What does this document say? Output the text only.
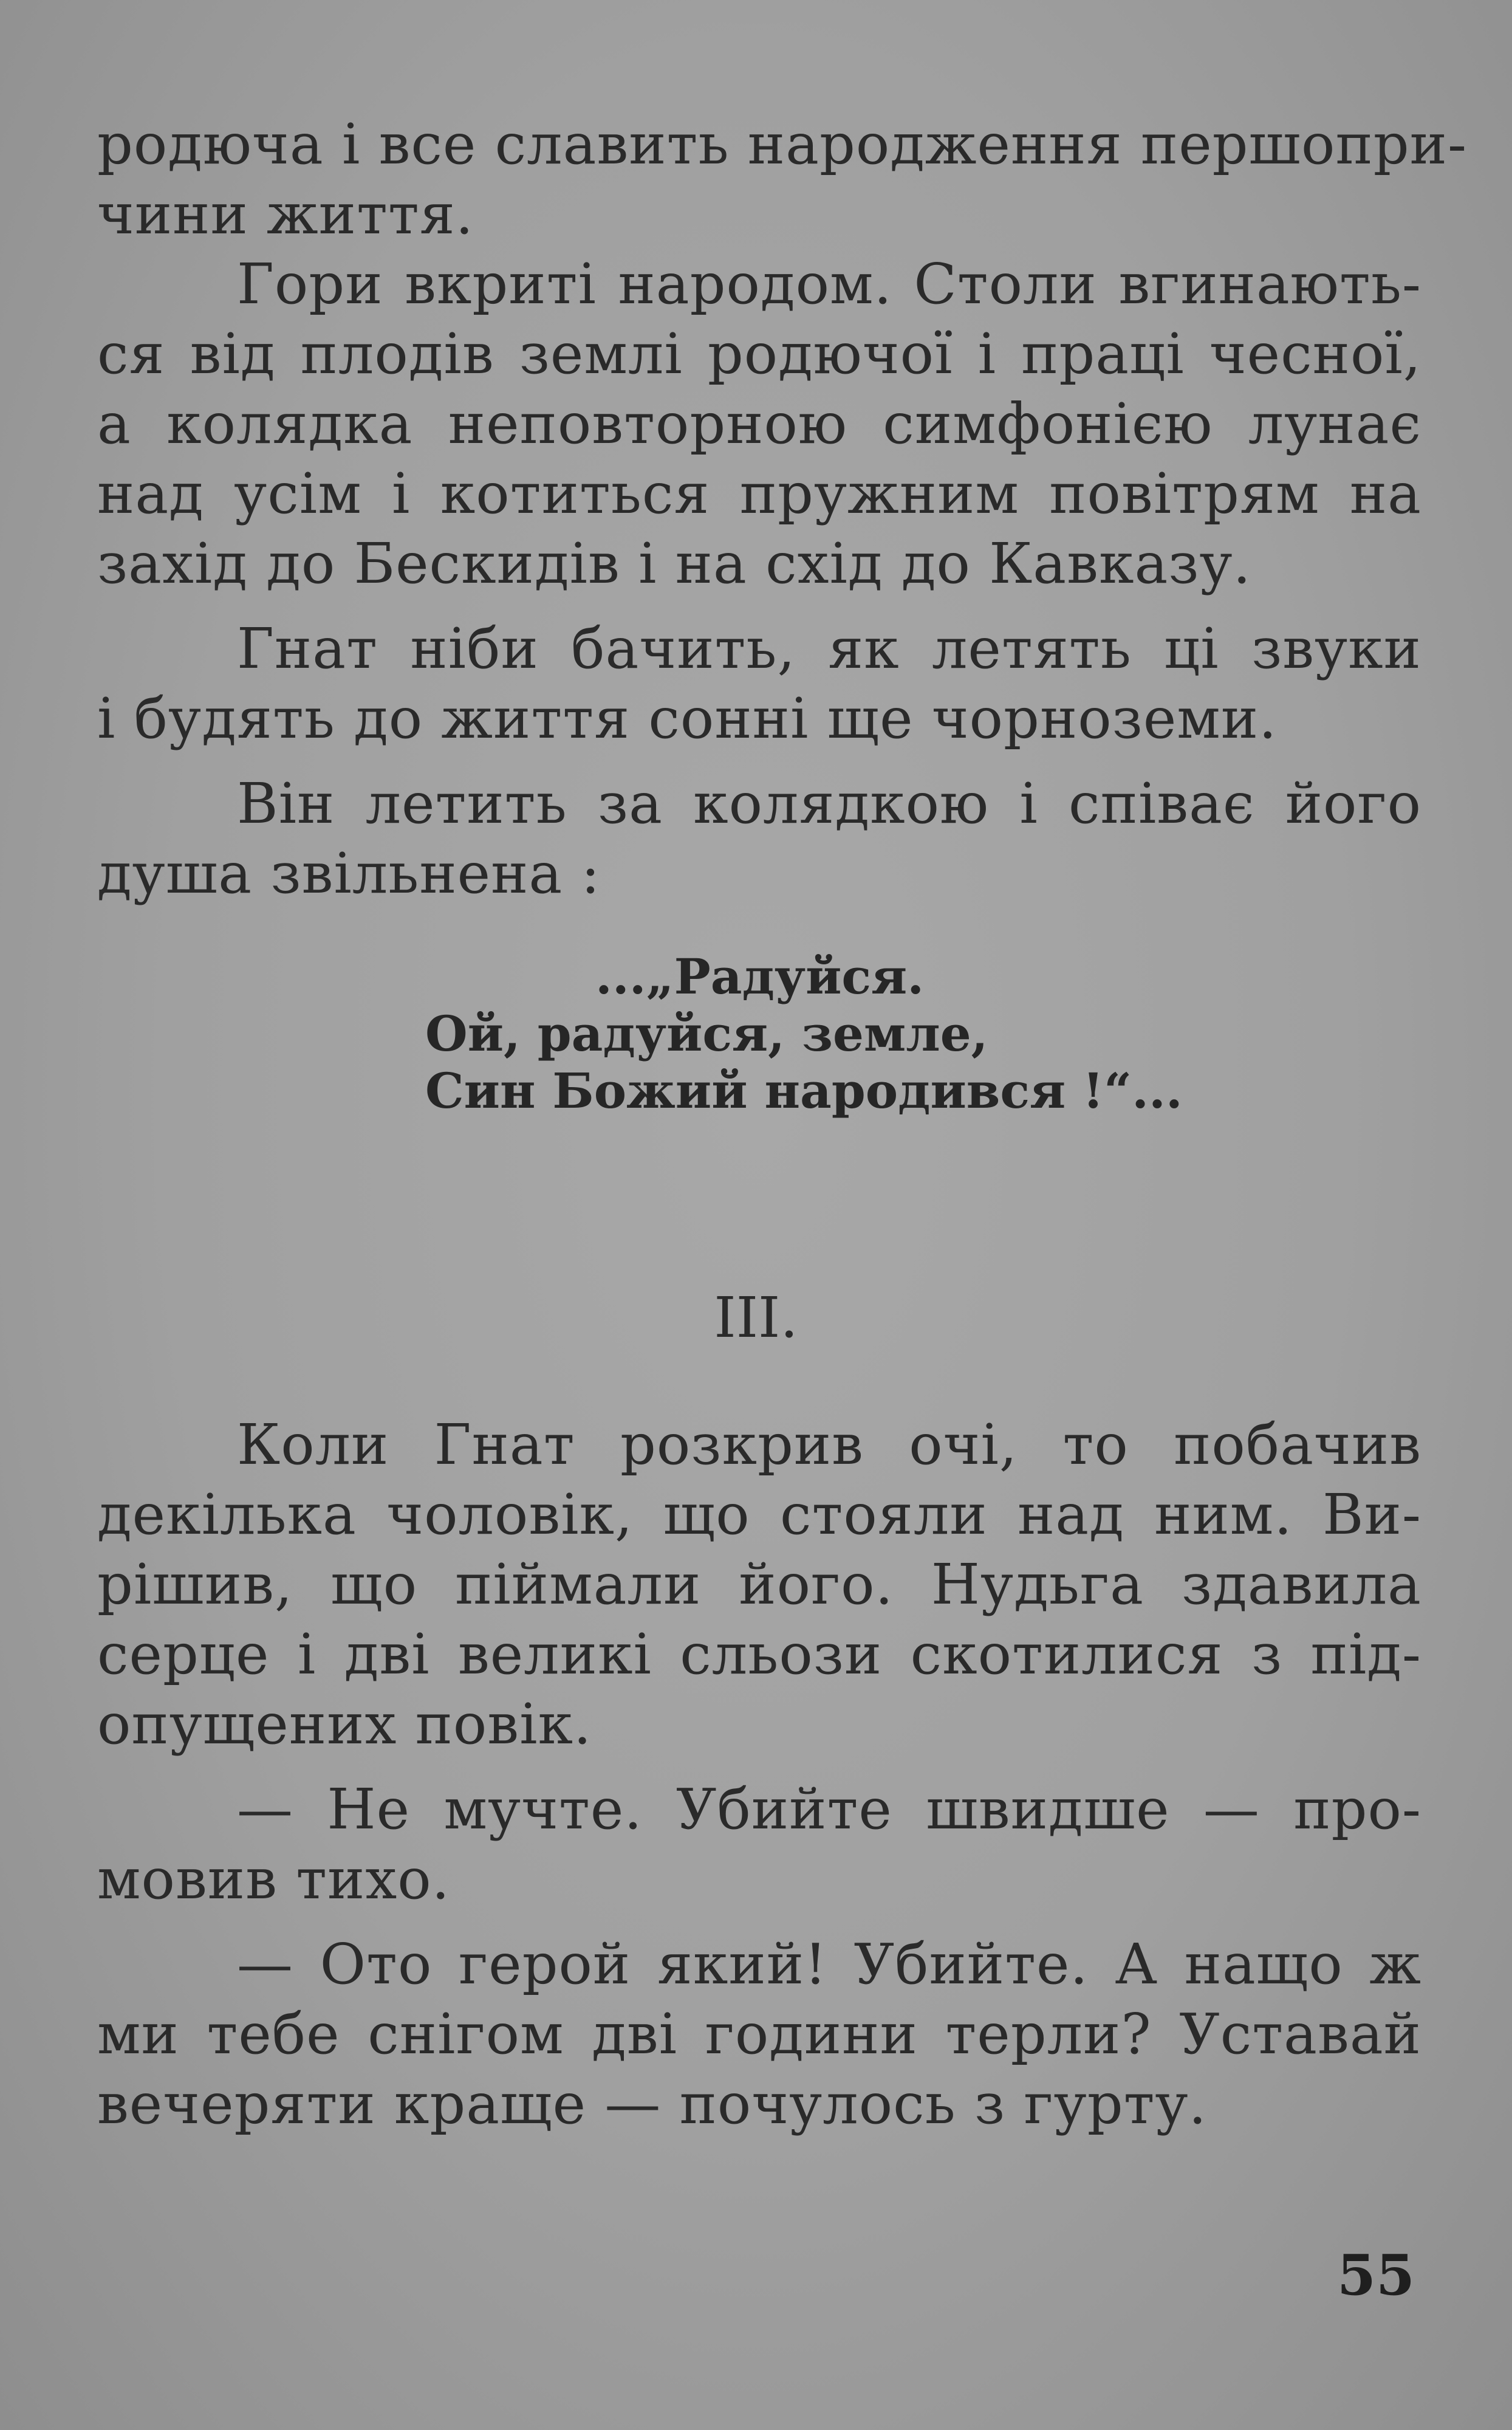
родюча і все славить народження першопри-
чини життя.
Гори вкриті народом. Столи вгинають-
ся від плодів землі родючої і праці чесної,
а колядка неповторною симфонією лунає
над усім і котиться пружним повітрям на
захід до Бескидів і на схід до Кавказу.
Гнат ніби бачить, як летять ці звуки
і будять до життя сонні ще чорноземи.
Він летить за колядкою і співає його
душа звільнена :
...„Радуйся.
Ой, радуйся, земле,
Син Божий народився !“...
III.
Коли Гнат розкрив очі, то побачив
декілька чоловік, що стояли над ним. Ви-
рішив, що піймали його. Нудьга здавила
серце і дві великі сльози скотилися з під-
опущених повік.
— Не мучте. Убийте швидше — про-
мовив тихо.
— Ото герой який! Убийте. А нащо ж
ми тебе снігом дві години терли? Уставай
вечеряти краще — почулось з гурту.
55
